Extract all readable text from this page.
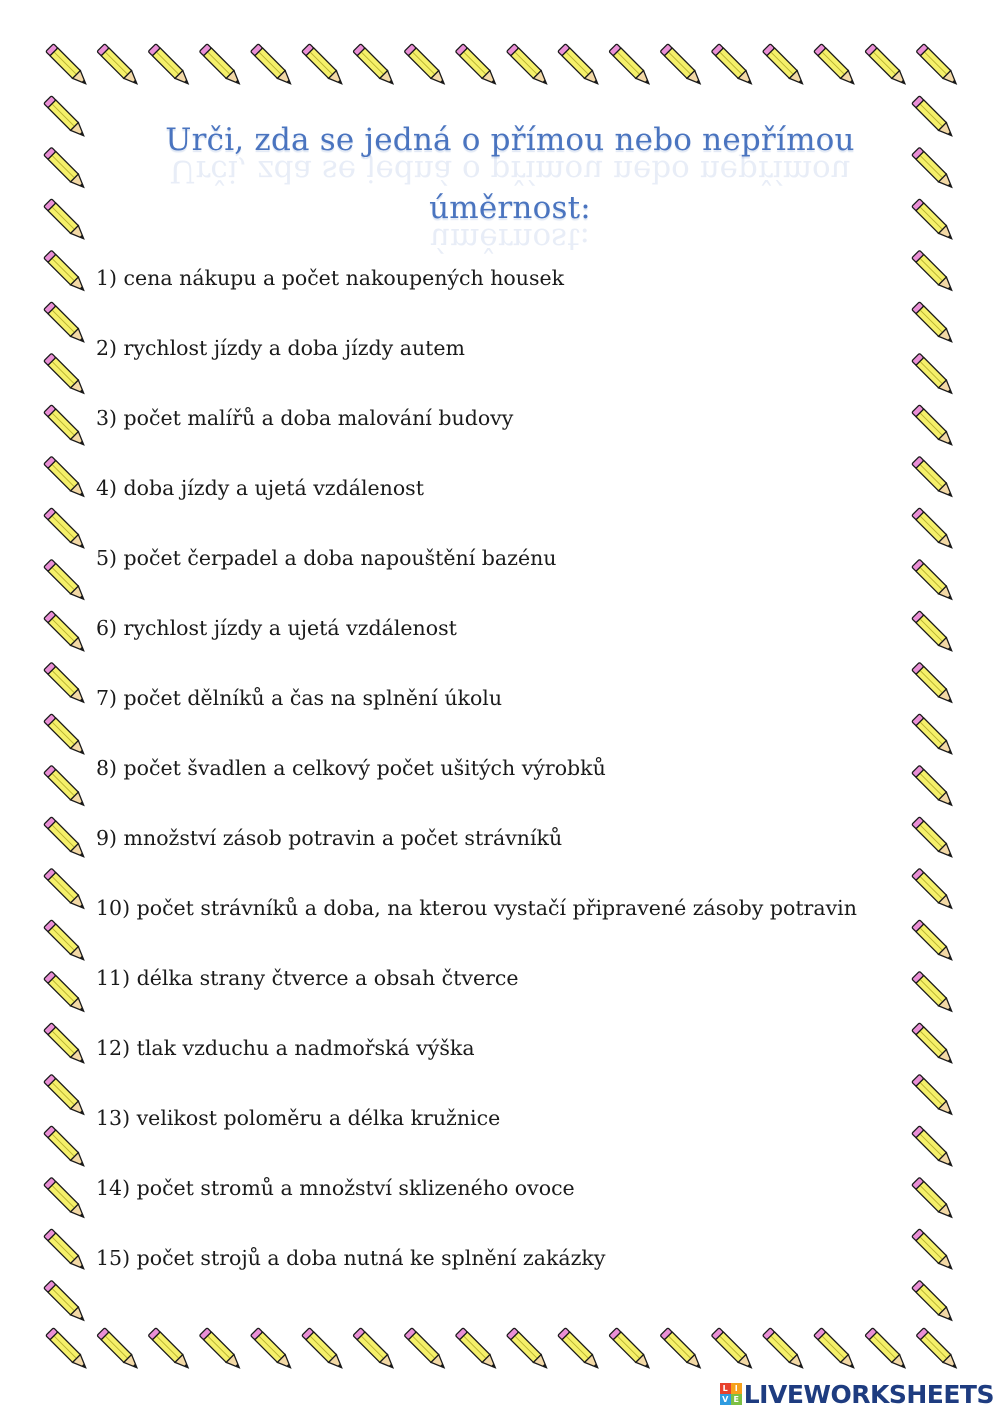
Urči, zda se jedná o přímou nebo nepřímou
Urči, zda se jedná o přímou nebo nepřímou
úměrnost:
úměrnost:
1) cena nákupu a počet nakoupených housek
2) rychlost jízdy a doba jízdy autem
3) počet malířů a doba malování budovy
4) doba jízdy a ujetá vzdálenost
5) počet čerpadel a doba napouštění bazénu
6) rychlost jízdy a ujetá vzdálenost
7) počet dělníků a čas na splnění úkolu
8) počet švadlen a celkový počet ušitých výrobků
9) množství zásob potravin a počet strávníků
10) počet strávníků a doba, na kterou vystačí připravené zásoby potravin
11) délka strany čtverce a obsah čtverce
12) tlak vzduchu a nadmořská výška
13) velikost poloměru a délka kružnice
14) počet stromů a množství sklizeného ovoce
15) počet strojů a doba nutná ke splnění zakázky
L I
V E LIVEWORKSHEETS
